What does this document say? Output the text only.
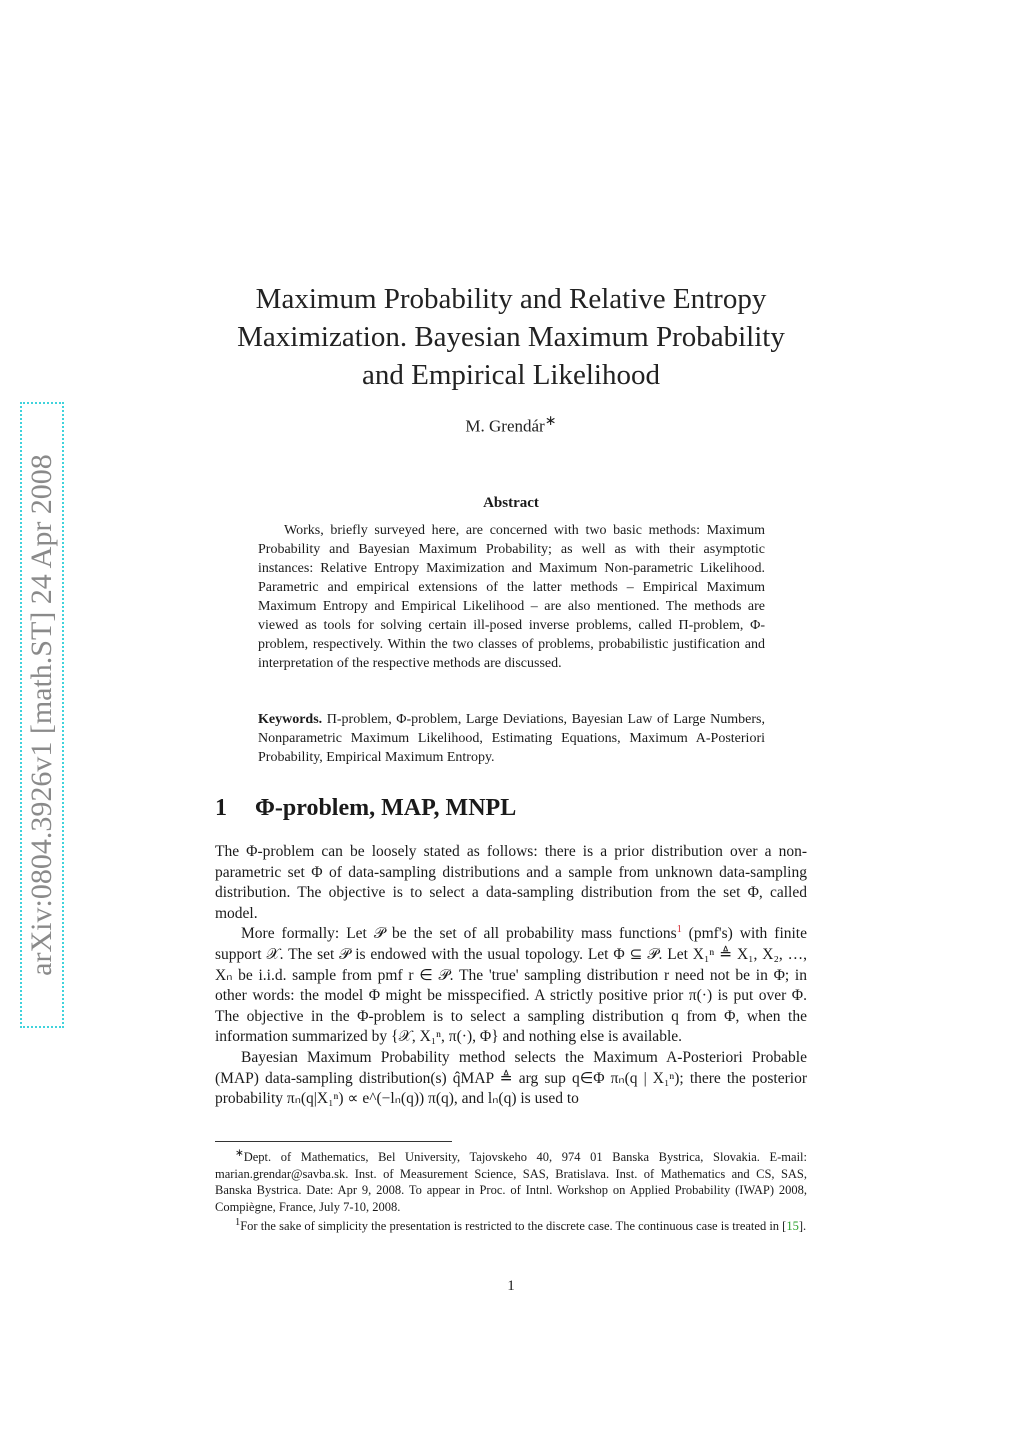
arXiv:0804.3926v1 [math.ST] 24 Apr 2008
Maximum Probability and Relative Entropy Maximization. Bayesian Maximum Probability and Empirical Likelihood
M. Grendár∗
Abstract

Works, briefly surveyed here, are concerned with two basic methods: Maximum Probability and Bayesian Maximum Probability; as well as with their asymptotic instances: Relative Entropy Maximization and Maximum Non-parametric Likelihood. Parametric and empirical extensions of the latter methods – Empirical Maximum Maximum Entropy and Empirical Likelihood – are also mentioned. The methods are viewed as tools for solving certain ill-posed inverse problems, called Π-problem, Φ-problem, respectively. Within the two classes of problems, probabilistic justification and interpretation of the respective methods are discussed.

Keywords. Π-problem, Φ-problem, Large Deviations, Bayesian Law of Large Numbers, Nonparametric Maximum Likelihood, Estimating Equations, Maximum A-Posteriori Probability, Empirical Maximum Entropy.

1 Φ-problem, MAP, MNPL

The Φ-problem can be loosely stated as follows: there is a prior distribution over a non-parametric set Φ of data-sampling distributions and a sample from unknown data-sampling distribution. The objective is to select a data-sampling distribution from the set Φ, called model.

More formally: Let 𝒫 be the set of all probability mass functions$^1$ (pmf's) with finite support 𝒳. The set 𝒫 is endowed with the usual topology. Let Φ ⊆ 𝒫. Let X₁ⁿ ≜ X₁, X₂, …, Xₙ be i.i.d. sample from pmf r ∈ 𝒫. The 'true' sampling distribution r need not be in Φ; in other words: the model Φ might be misspecified. A strictly positive prior π(·) is put over Φ. The objective in the Φ-problem is to select a sampling distribution q from Φ, when the information summarized by {𝒳, X₁ⁿ, π(·), Φ} and nothing else is available.

Bayesian Maximum Probability method selects the Maximum A-Posteriori Probable (MAP) data-sampling distribution(s) q̂MAP ≜ arg sup q∈Φ πₙ(q | X₁ⁿ); there the posterior probability πₙ(q|X₁ⁿ) ∝ e^(−lₙ(q)) π(q), and lₙ(q) is used to

∗Dept. of Mathematics, Bel University, Tajovskeho 40, 974 01 Banska Bystrica, Slovakia. E-mail: marian.grendar@savba.sk. Inst. of Measurement Science, SAS, Bratislava. Inst. of Mathematics and CS, SAS, Banska Bystrica. Date: Apr 9, 2008. To appear in Proc. of Intnl. Workshop on Applied Probability (IWAP) 2008, Compiègne, France, July 7-10, 2008.

$^1$For the sake of simplicity the presentation is restricted to the discrete case. The continuous case is treated in [15].

1
